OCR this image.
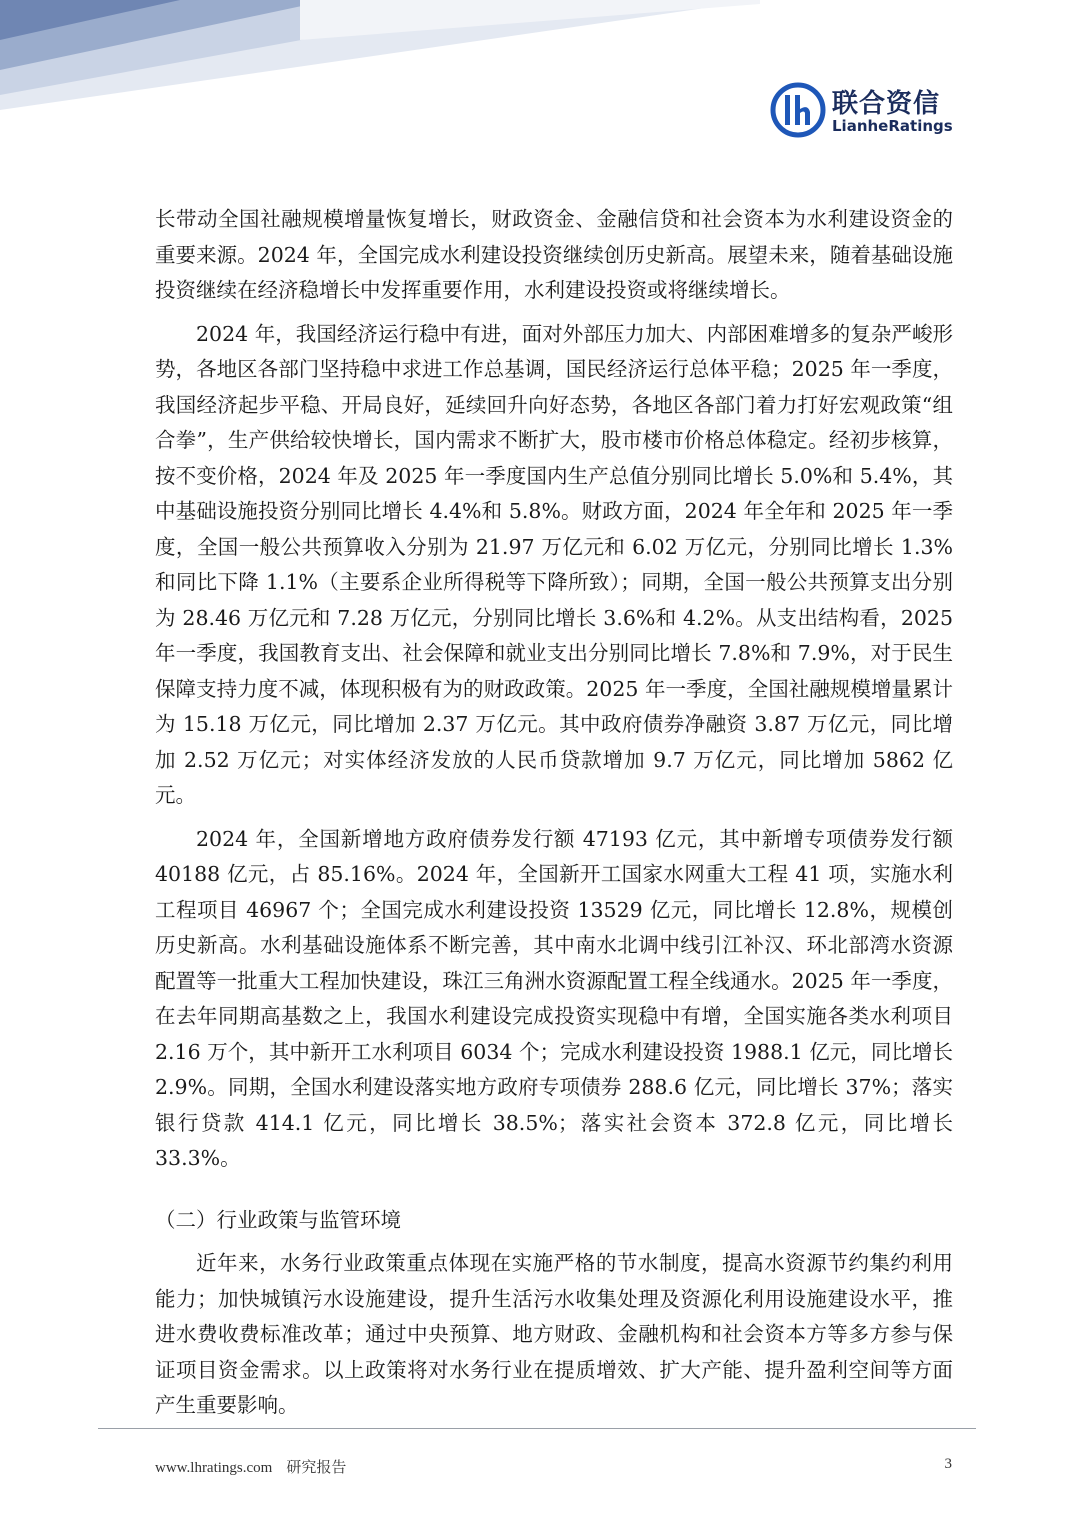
联合资信
LianheRatings

长带动全国社融规模增量恢复增长，财政资金、金融信贷和社会资本为水利建设资金的重要来源。2024 年，全国完成水利建设投资继续创历史新高。展望未来，随着基础设施投资继续在经济稳增长中发挥重要作用，水利建设投资或将继续增长。

2024 年，我国经济运行稳中有进，面对外部压力加大、内部困难增多的复杂严峻形势，各地区各部门坚持稳中求进工作总基调，国民经济运行总体平稳；2025 年一季度，我国经济起步平稳、开局良好，延续回升向好态势，各地区各部门着力打好宏观政策“组合拳”，生产供给较快增长，国内需求不断扩大，股市楼市价格总体稳定。经初步核算，按不变价格，2024 年及 2025 年一季度国内生产总值分别同比增长 5.0%和 5.4%，其中基础设施投资分别同比增长 4.4%和 5.8%。财政方面，2024 年全年和 2025 年一季度，全国一般公共预算收入分别为 21.97 万亿元和 6.02 万亿元，分别同比增长 1.3%和同比下降 1.1%（主要系企业所得税等下降所致）；同期，全国一般公共预算支出分别为 28.46 万亿元和 7.28 万亿元，分别同比增长 3.6%和 4.2%。从支出结构看，2025 年一季度，我国教育支出、社会保障和就业支出分别同比增长 7.8%和 7.9%，对于民生保障支持力度不减，体现积极有为的财政政策。2025 年一季度，全国社融规模增量累计为 15.18 万亿元，同比增加 2.37 万亿元。其中政府债券净融资 3.87 万亿元，同比增加 2.52 万亿元；对实体经济发放的人民币贷款增加 9.7 万亿元，同比增加 5862 亿元。

2024 年，全国新增地方政府债券发行额 47193 亿元，其中新增专项债券发行额 40188 亿元，占 85.16%。2024 年，全国新开工国家水网重大工程 41 项，实施水利工程项目 46967 个；全国完成水利建设投资 13529 亿元，同比增长 12.8%，规模创历史新高。水利基础设施体系不断完善，其中南水北调中线引江补汉、环北部湾水资源配置等一批重大工程加快建设，珠江三角洲水资源配置工程全线通水。2025 年一季度，在去年同期高基数之上，我国水利建设完成投资实现稳中有增，全国实施各类水利项目 2.16 万个，其中新开工水利项目 6034 个；完成水利建设投资 1988.1 亿元，同比增长 2.9%。同期，全国水利建设落实地方政府专项债券 288.6 亿元，同比增长 37%；落实银行贷款 414.1 亿元，同比增长 38.5%；落实社会资本 372.8 亿元，同比增长 33.3%。

（二）行业政策与监管环境

近年来，水务行业政策重点体现在实施严格的节水制度，提高水资源节约集约利用能力；加快城镇污水设施建设，提升生活污水收集处理及资源化利用设施建设水平，推进水费收费标准改革；通过中央预算、地方财政、金融机构和社会资本方等多方参与保证项目资金需求。以上政策将对水务行业在提质增效、扩大产能、提升盈利空间等方面产生重要影响。

www.lhratings.com 研究报告	3
